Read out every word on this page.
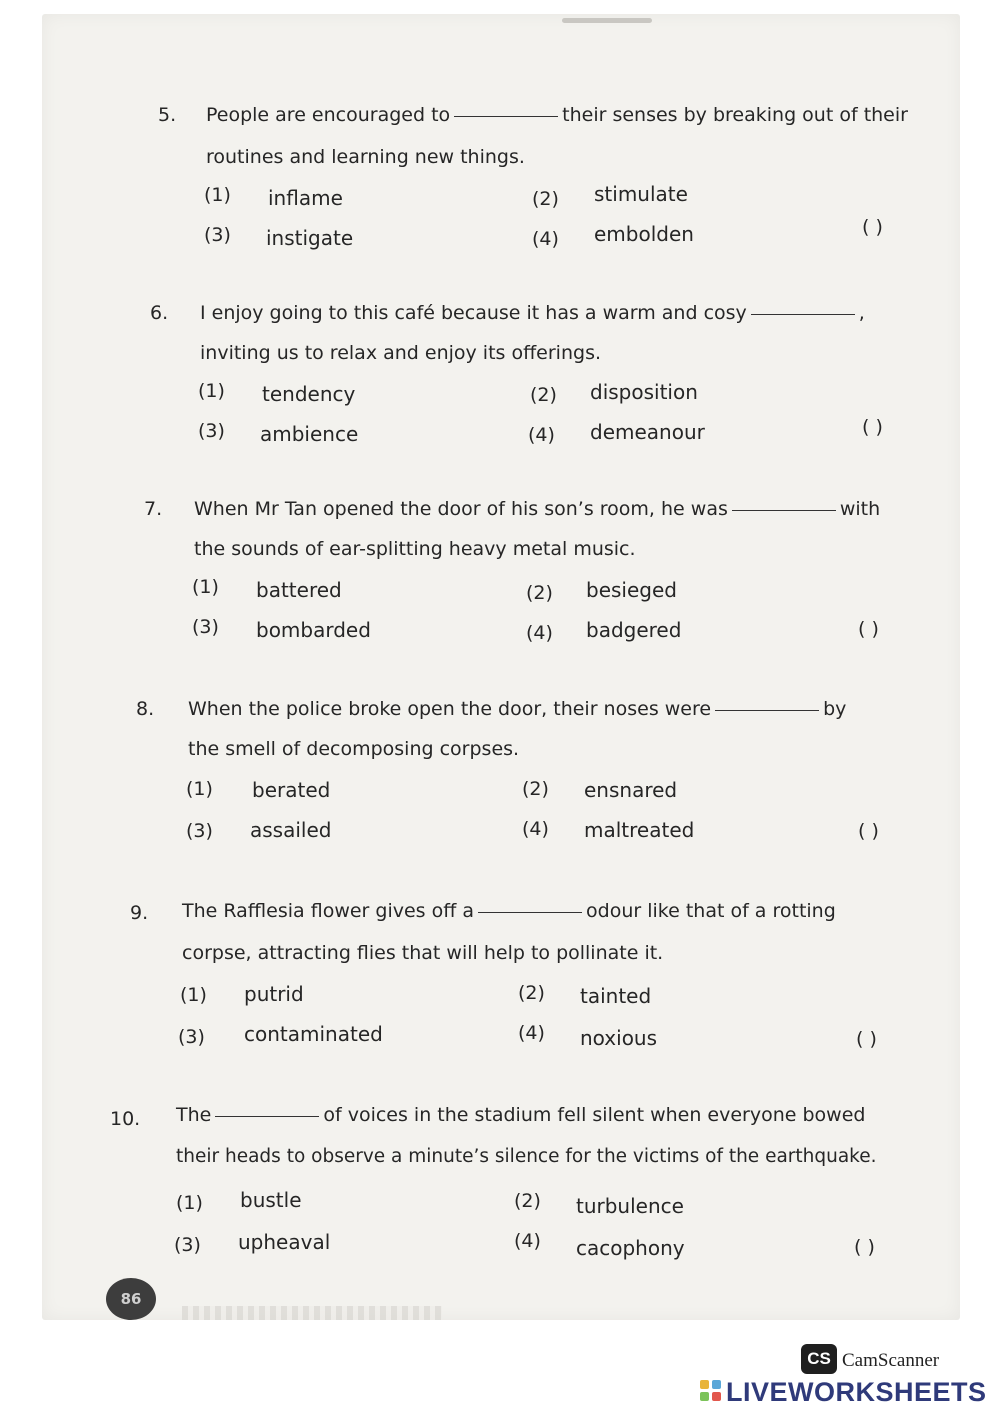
5. People are encouraged to	their senses by breaking out of their
routines and learning new things.
(1) inflame	(2) stimulate
(3) instigate	(4) embolden	( )
6. I enjoy going to this café because it has a warm and cosy	,
inviting us to relax and enjoy its offerings.
(1) tendency	(2) disposition
(3) ambience	(4) demeanour	( )
7. When Mr Tan opened the door of his son’s room, he was	with
the sounds of ear-splitting heavy metal music.
(1) battered	(2) besieged
(3) bombarded	(4) badgered	( )
8. When the police broke open the door, their noses were	by
the smell of decomposing corpses.
(1) berated	(2) ensnared
(3) assailed	(4) maltreated	( )
9. The Rafflesia flower gives off a	odour like that of a rotting
corpse, attracting flies that will help to pollinate it.
(1) putrid	(2) tainted
(3) contaminated	(4) noxious	( )
10. The	of voices in the stadium fell silent when everyone bowed
their heads to observe a minute’s silence for the victims of the earthquake.
(1) bustle	(2) turbulence
(3) upheaval	(4) cacophony	( )
86
CS CamScanner
LIVEWORKSHEETS
